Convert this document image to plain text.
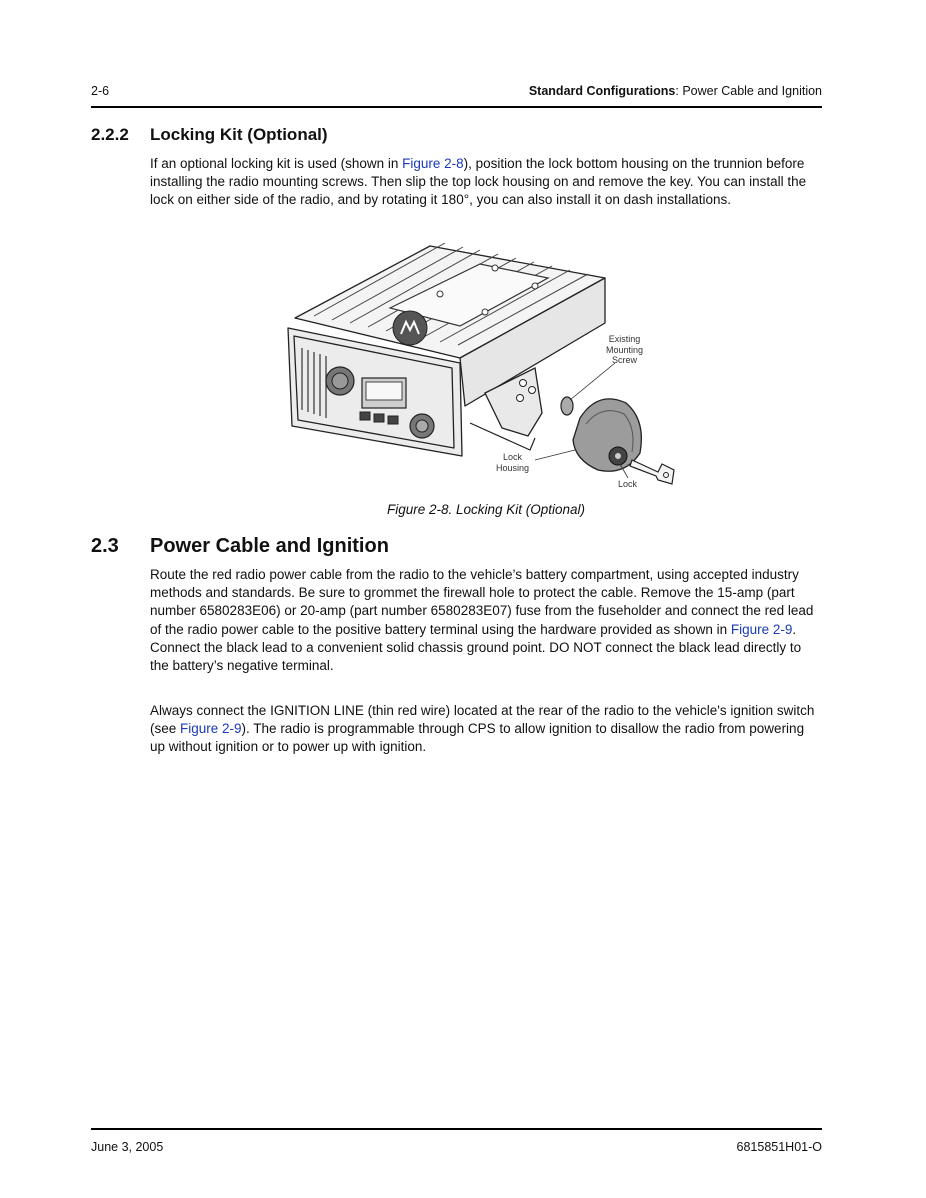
2-6	Standard Configurations: Power Cable and Ignition
2.2.2 Locking Kit (Optional)
If an optional locking kit is used (shown in Figure 2-8), position the lock bottom housing on the trunnion before installing the radio mounting screws. Then slip the top lock housing on and remove the key. You can install the lock on either side of the radio, and by rotating it 180°, you can also install it on dash installations.
Existing
Mounting
Screw
Lock
Housing
Lock
Figure 2-8. Locking Kit (Optional)
2.3 Power Cable and Ignition
Route the red radio power cable from the radio to the vehicle’s battery compartment, using accepted industry methods and standards. Be sure to grommet the firewall hole to protect the cable. Remove the 15-amp (part number 6580283E06) or 20-amp (part number 6580283E07) fuse from the fuseholder and connect the red lead of the radio power cable to the positive battery terminal using the hardware provided as shown in Figure 2-9. Connect the black lead to a convenient solid chassis ground point. DO NOT connect the black lead directly to the battery’s negative terminal.
Always connect the IGNITION LINE (thin red wire) located at the rear of the radio to the vehicle's ignition switch (see Figure 2-9). The radio is programmable through CPS to allow ignition to disallow the radio from powering up without ignition or to power up with ignition.
June 3, 2005	6815851H01-O
